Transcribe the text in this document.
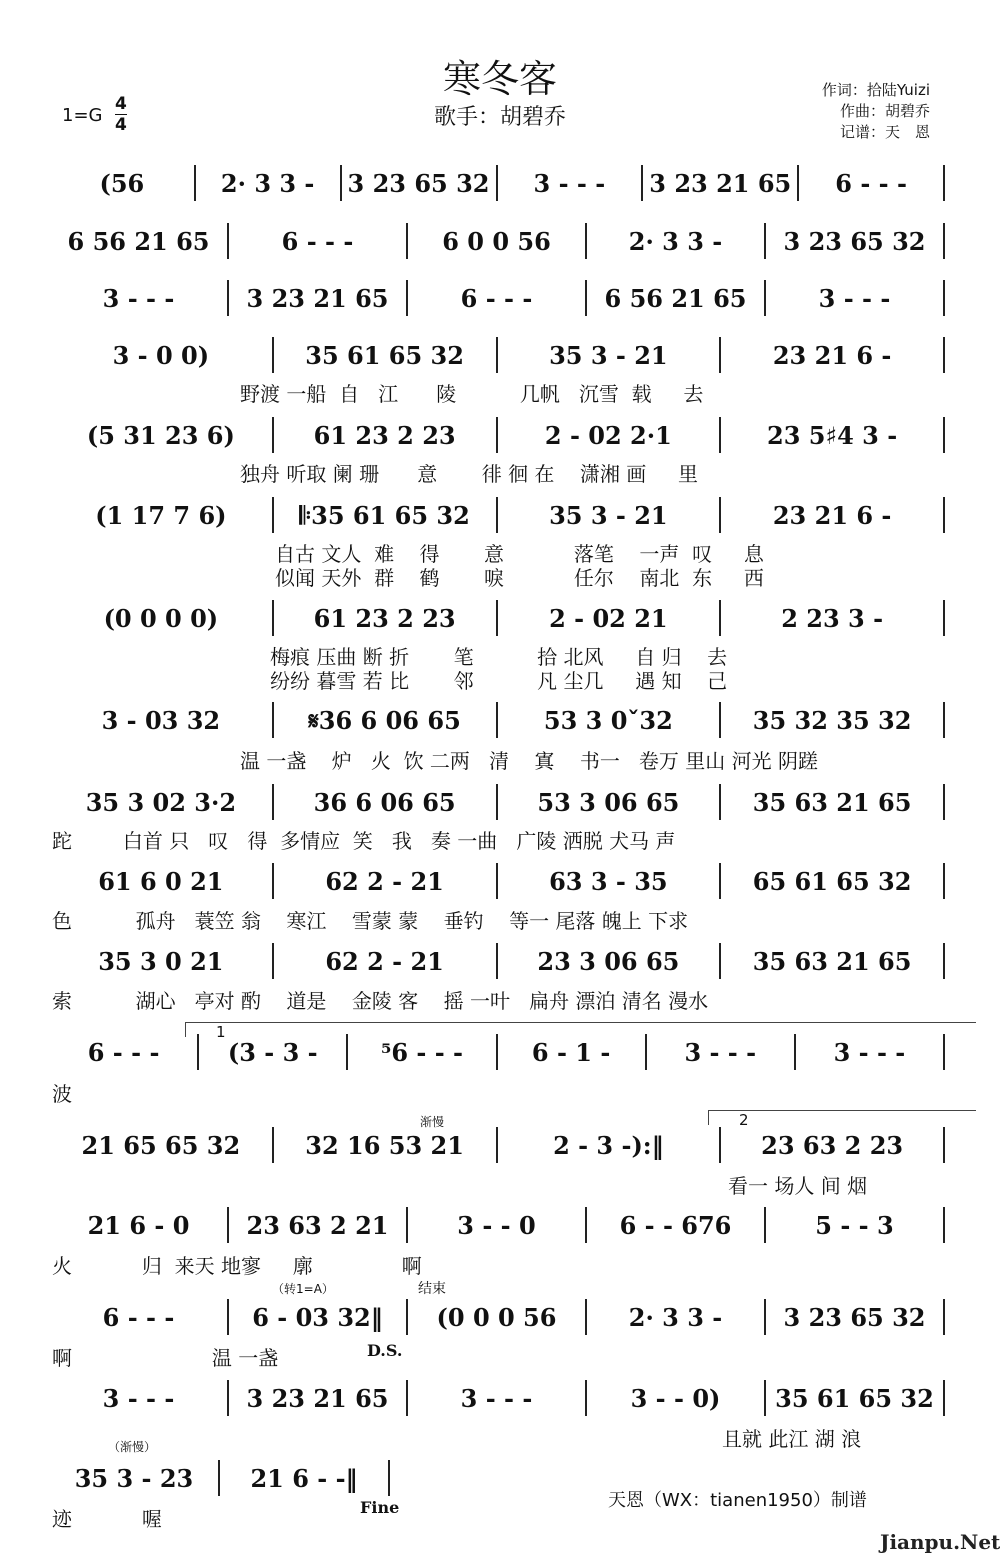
寒冬客
歌手：胡碧乔
1=G
4
4
作词：拾陆Yuizi
作曲：胡碧乔
记谱：天　恩
(56	2· 3 3 -	3 23 65 32	3 - - -	3 23 21 65	6 - - -
6 56 21 65	6 - - -	6 0 0 56	2· 3 3 -	3 23 65 32
3 - - -	3 23 21 65	6 - - -	6 56 21 65	3 - - -
3 - 0 0)	35 61 65 32	35 3 - 21	23 21 6 -
野渡 一船  自   江      陵          几帆   沉雪  载     去
(5 31 23 6)	61 23 2 23	2 - 02 2·1	23 5♯4 3 -
独舟 听取 阑 珊      意       徘 徊 在    潇湘 画     里
(1 17 7 6)	𝄆35 61 65 32	35 3 - 21	23 21 6 -
自古 文人  难    得       意           落笔    一声  叹     息
似闻 天外  群    鹤       唳           任尔    南北  东     西
(0 0 0 0)	61 23 2 23	2 - 02 21	2 23 3 -
梅痕 压曲 断 折       笔          拾 北风     自 归    去
纷纷 暮雪 若 比       邻          凡 尘几     遇 知    己
3 - 03 32	𝄋36 6 06 65	53 3 0ˇ32	35 32 35 32
温 一盏    炉   火  饮 二两   清    寘    书一   卷万 里山 河光 阴蹉
35 3 02 3·2	36 6 06 65	53 3 06 65	35 63 21 65
跎        白首 只   叹   得  多情应  笑   我   奏 一曲   广陵 洒脱 犬马 声
61 6 0 21	62 2 - 21	63 3 - 35	65 61 65 32
色          孤舟   蓑笠 翁    寒江    雪蒙 蒙    垂钓    等一 尾落 魄上 下求
35 3 0 21	62 2 - 21	23 3 06 65	35 63 21 65
索          湖心   亭对 酌    道是    金陵 客    摇 一叶   扁舟 漂泊 清名 漫水
6 - - -	(3 - 3 -	⁵6 - - -	6 - 1 -	3 - - -	3 - - -
波
21 65 65 32	32 16 53 21	2 - 3 -):‖	23 63 2 23
看一 场人 间 烟
21 6 - 0	23 63 2 21	3 - - 0	6 - - 676	5 - - 3
火           归  来天 地寥     廓              啊
6 - - -	6 - 03 32‖	(0 0 0 56	2· 3 3 -	3 23 65 32
啊                      温 一盏
3 - - -	3 23 21 65	3 - - -	3 - - 0)	35 61 65 32
且就 此江 湖 浪
35 3 - 23	21 6 - -‖
迹           喔
1
2
渐慢
（转1=A）	结束
D.S.
（渐慢）
Fine	天恩（WX：tianen1950）制谱
Jianpu.Net
